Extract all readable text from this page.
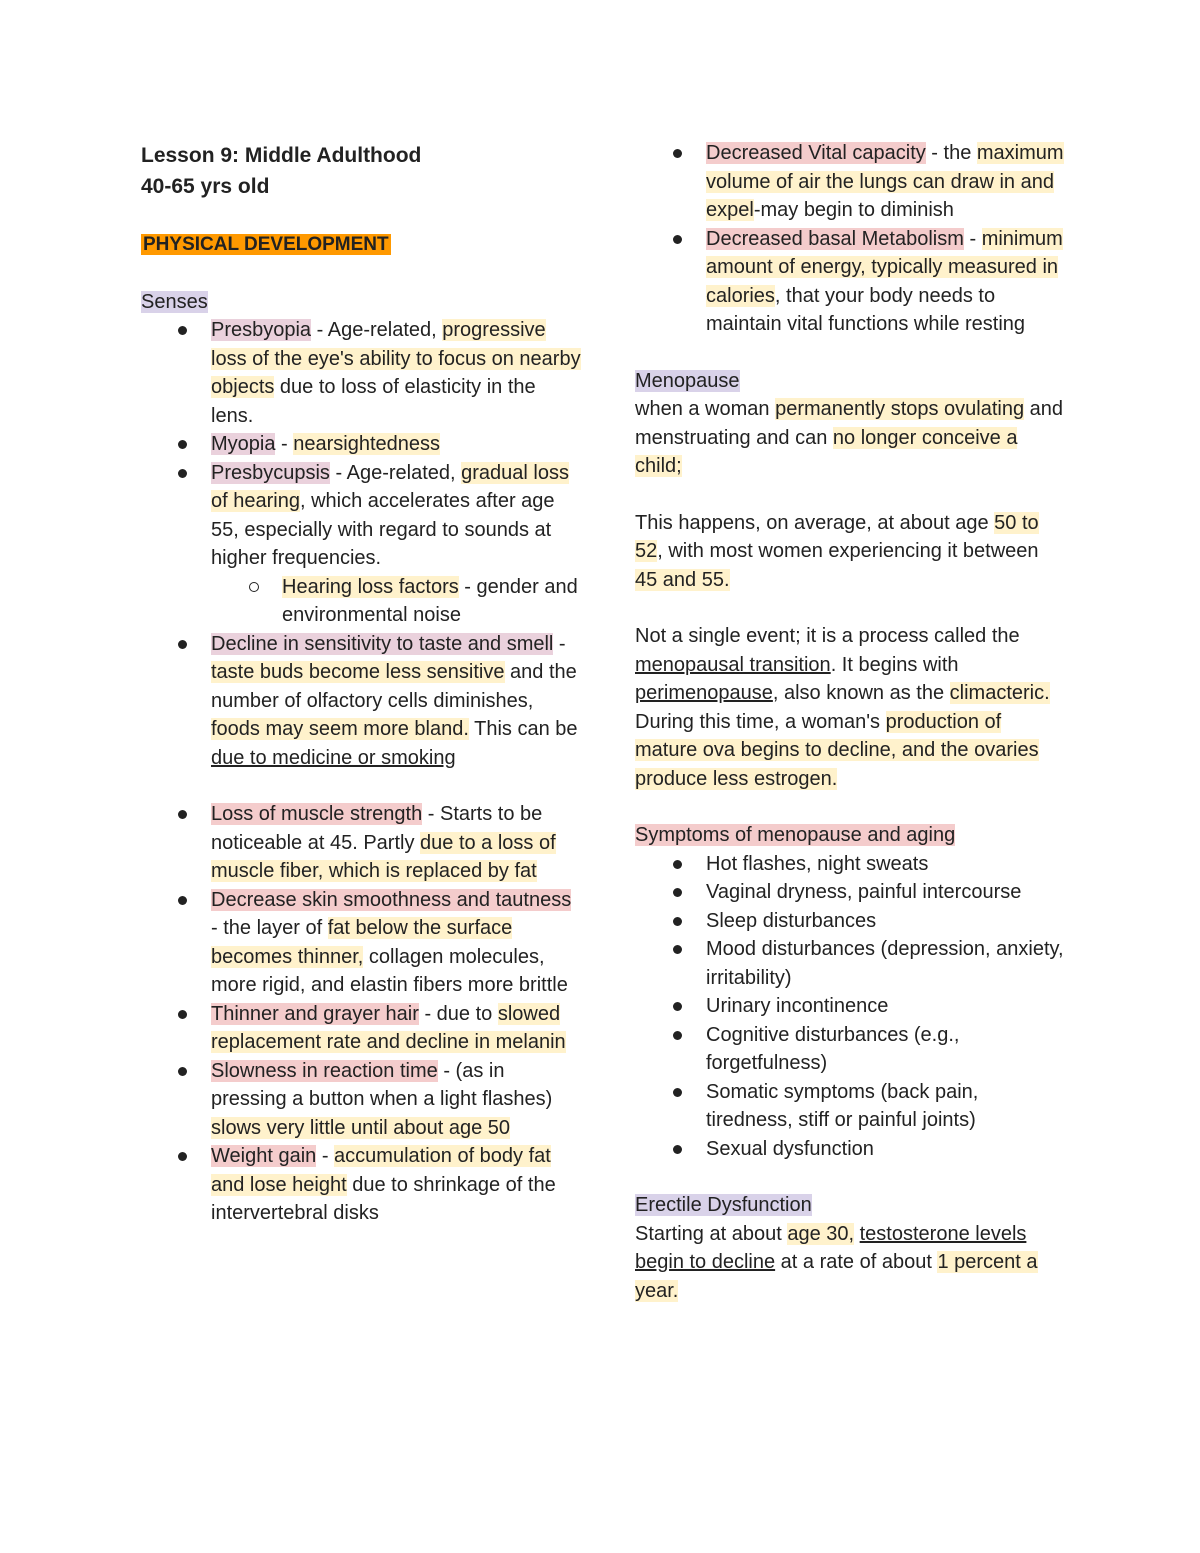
Lesson 9: Middle Adulthood

40-65 yrs old

PHYSICAL DEVELOPMENT

Senses

Presbyopia - Age-related, progressive loss of the eye's ability to focus on nearby objects due to loss of elasticity in the lens.
Myopia - nearsightedness
Presbycupsis - Age-related, gradual loss of hearing, which accelerates after age 55, especially with regard to sounds at higher frequencies.
Hearing loss factors - gender and environmental noise
Decline in sensitivity to taste and smell - taste buds become less sensitive and the number of olfactory cells diminishes, foods may seem more bland. This can be due to medicine or smoking
Loss of muscle strength - Starts to be noticeable at 45. Partly due to a loss of muscle fiber, which is replaced by fat
Decrease skin smoothness and tautness - the layer of fat below the surface becomes thinner, collagen molecules, more rigid, and elastin fibers more brittle
Thinner and grayer hair - due to slowed replacement rate and decline in melanin
Slowness in reaction time - (as in pressing a button when a light flashes) slows very little until about age 50
Weight gain - accumulation of body fat and lose height due to shrinkage of the intervertebral disks
Decreased Vital capacity - the maximum volume of air the lungs can draw in and expel-may begin to diminish
Decreased basal Metabolism - minimum amount of energy, typically measured in calories, that your body needs to maintain vital functions while resting

Menopause

when a woman permanently stops ovulating and menstruating and can no longer conceive a child;

This happens, on average, at about age 50 to 52, with most women experiencing it between 45 and 55.

Not a single event; it is a process called the menopausal transition. It begins with perimenopause, also known as the climacteric. During this time, a woman's production of mature ova begins to decline, and the ovaries produce less estrogen.

Symptoms of menopause and aging

Hot flashes, night sweats
Vaginal dryness, painful intercourse
Sleep disturbances
Mood disturbances (depression, anxiety, irritability)
Urinary incontinence
Cognitive disturbances (e.g., forgetfulness)
Somatic symptoms (back pain, tiredness, stiff or painful joints)
Sexual dysfunction

Erectile Dysfunction

Starting at about age 30, testosterone levels begin to decline at a rate of about 1 percent a year.
